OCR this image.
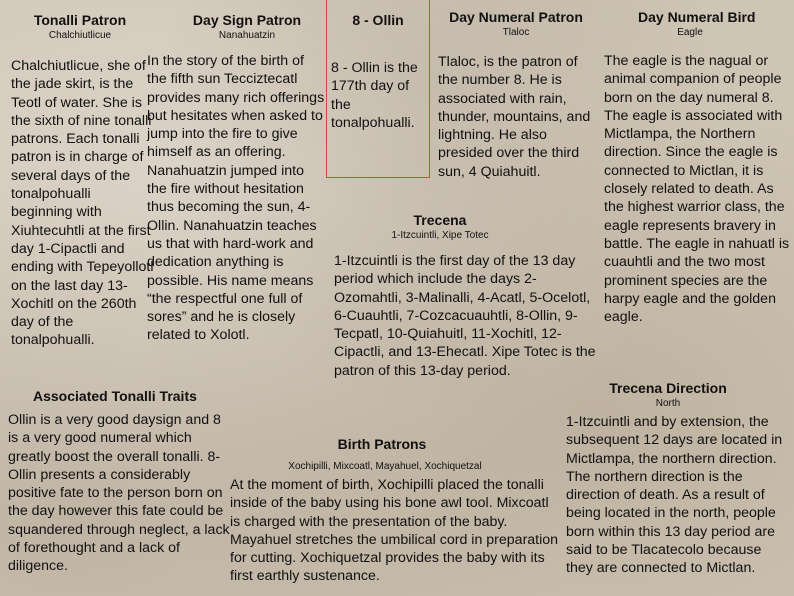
Tonalli Patron
Chalchiutlicue

Chalchiutlicue, she of the jade skirt, is the Teotl of water. She is the sixth of nine tonalli patrons. Each tonalli patron is in charge of several days of the tonalpohualli beginning with Xiuhtecuhtli at the first day 1-Cipactli and ending with Tepeyollotl on the last day 13-Xochitl on the 260th day of the tonalpohualli.

Day Sign Patron
Nanahuatzin

In the story of the birth of the fifth sun Tecciztecatl provides many rich offerings but hesitates when asked to jump into the fire to give himself as an offering. Nanahuatzin jumped into the fire without hesitation thus becoming the sun, 4-Ollin. Nanahuatzin teaches us that with hard-work and dedication anything is possible. His name means “the respectful one full of sores” and he is closely related to Xolotl.

8 - Ollin

8 - Ollin is the 177th day of the tonalpohualli.

Day Numeral Patron
Tlaloc

Tlaloc, is the patron of the number 8. He is associated with rain, thunder, mountains, and lightning. He also presided over the third sun, 4 Quiahuitl.

Day Numeral Bird
Eagle

The eagle is the nagual or animal companion of people born on the day numeral 8. The eagle is associated with Mictlampa, the Northern direction. Since the eagle is connected to Mictlan, it is closely related to death. As the highest warrior class, the eagle represents bravery in battle. The eagle in nahuatl is cuauhtli and the two most prominent species are the harpy eagle and the golden eagle.

Trecena
1-Itzcuintli, Xipe Totec

1-Itzcuintli is the first day of the 13 day period which include the days 2-Ozomahtli, 3-Malinalli, 4-Acatl, 5-Ocelotl, 6-Cuauhtli, 7-Cozcacuauhtli, 8-Ollin, 9-Tecpatl, 10-Quiahuitl, 11-Xochitl, 12-Cipactli, and 13-Ehecatl. Xipe Totec is the patron of this 13-day period.

Associated Tonalli Traits

Ollin is a very good daysign and 8 is a very good numeral which greatly boost the overall tonalli. 8-Ollin presents a considerably positive fate to the person born on the day however this fate could be squandered through neglect, a lack of forethought and a lack of diligence.

Birth Patrons
Xochipilli, Mixcoatl, Mayahuel, Xochiquetzal

At the moment of birth, Xochipilli placed the tonalli inside of the baby using his bone awl tool. Mixcoatl is charged with the presentation of the baby. Mayahuel stretches the umbilical cord in preparation for cutting. Xochiquetzal provides the baby with its first earthly sustenance.

Trecena Direction
North

1-Itzcuintli and by extension, the subsequent 12 days are located in Mictlampa, the northern direction. The northern direction is the direction of death. As a result of being located in the north, people born within this 13 day period are said to be Tlacatecolo because they are connected to Mictlan.
